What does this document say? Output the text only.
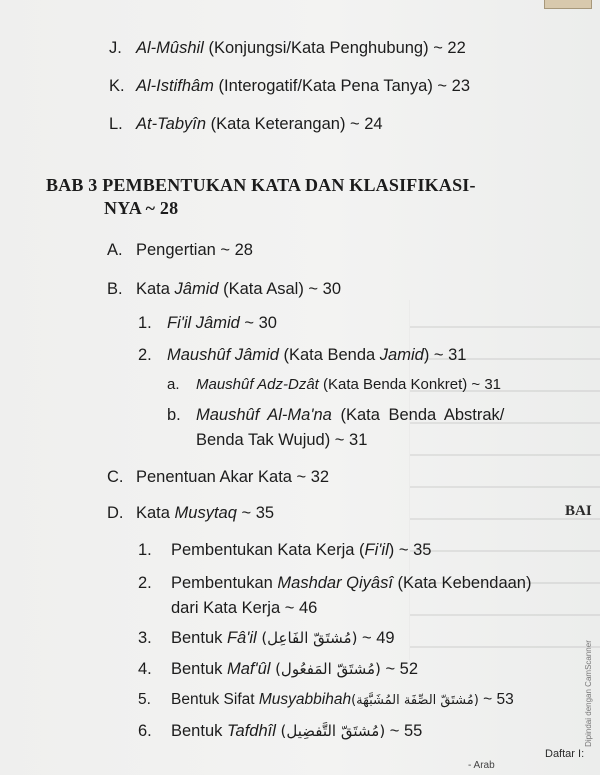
J. Al-Mûshil (Konjungsi/Kata Penghubung) ~ 22
K. Al-Istifhâm (Interogatif/Kata Pena Tanya) ~ 23
L. At-Tabyîn (Kata Keterangan) ~ 24
BAB 3 PEMBENTUKAN KATA DAN KLASIFIKASI-
NYA ~ 28
A. Pengertian ~ 28
B. Kata Jâmid (Kata Asal) ~ 30
1. Fi'il Jâmid ~ 30
2. Maushûf Jâmid (Kata Benda Jamid) ~ 31
a. Maushûf Adz-Dzât (Kata Benda Konkret) ~ 31
b. Maushûf Al-Ma'na (Kata Benda Abstrak/
Benda Tak Wujud) ~ 31
C. Penentuan Akar Kata ~ 32
D. Kata Musytaq ~ 35
1. Pembentukan Kata Kerja (Fi'il) ~ 35
2. Pembentukan Mashdar Qiyâsî (Kata Kebendaan)
dari Kata Kerja ~ 46
3. Bentuk Fâ'il (مُشتَقّ الفَاعِل) ~ 49
4. Bentuk Maf'ûl (مُشتَقّ المَفعُول) ~ 52
5. Bentuk Sifat Musyabbihah(مُشتَقّ الصِّفَة المُشَبَّهَة) ~ 53
6. Bentuk Tafdhîl (مُشتَقّ التَّفضِيل) ~ 55
BAI
Daftar I:
- Arab
Dipindai dengan CamScanner
